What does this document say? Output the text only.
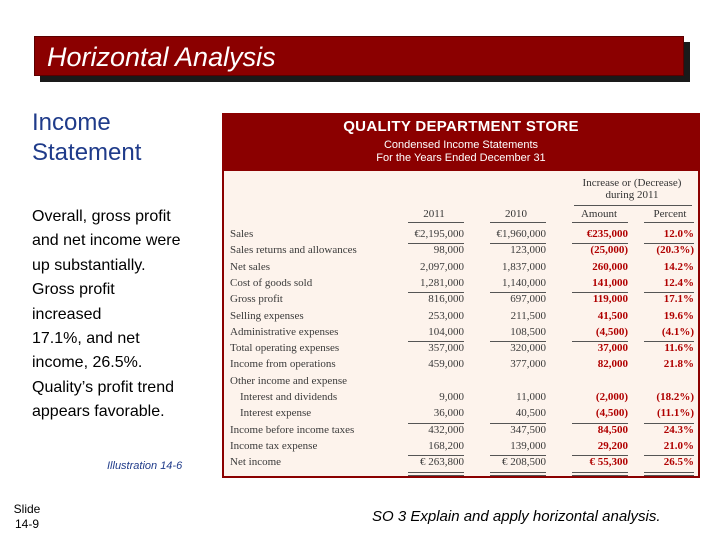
Horizontal Analysis
Income
Statement
Overall, gross profit
and net income were
up substantially.
Gross profit
increased
17.1%, and net
income, 26.5%.
Quality’s profit trend
appears favorable.
Illustration 14-6
Slide
14-9	SO 3 Explain and apply horizontal analysis.
QUALITY DEPARTMENT STORE
Condensed Income Statements
For the Years Ended December 31
Increase or (Decrease)
during 2011
2011	2010	Amount	Percent
Sales	€2,195,000	€1,960,000	€235,000	12.0%
Sales returns and allowances	98,000	123,000	(25,000)	(20.3%)
Net sales	2,097,000	1,837,000	260,000	14.2%
Cost of goods sold	1,281,000	1,140,000	141,000	12.4%
Gross profit	816,000	697,000	119,000	17.1%
Selling expenses	253,000	211,500	41,500	19.6%
Administrative expenses	104,000	108,500	(4,500)	(4.1%)
Total operating expenses	357,000	320,000	37,000	11.6%
Income from operations	459,000	377,000	82,000	21.8%
Other income and expense
Interest and dividends	9,000	11,000	(2,000)	(18.2%)
Interest expense	36,000	40,500	(4,500)	(11.1%)
Income before income taxes	432,000	347,500	84,500	24.3%
Income tax expense	168,200	139,000	29,200	21.0%
Net income	€ 263,800	€ 208,500	€ 55,300	26.5%
